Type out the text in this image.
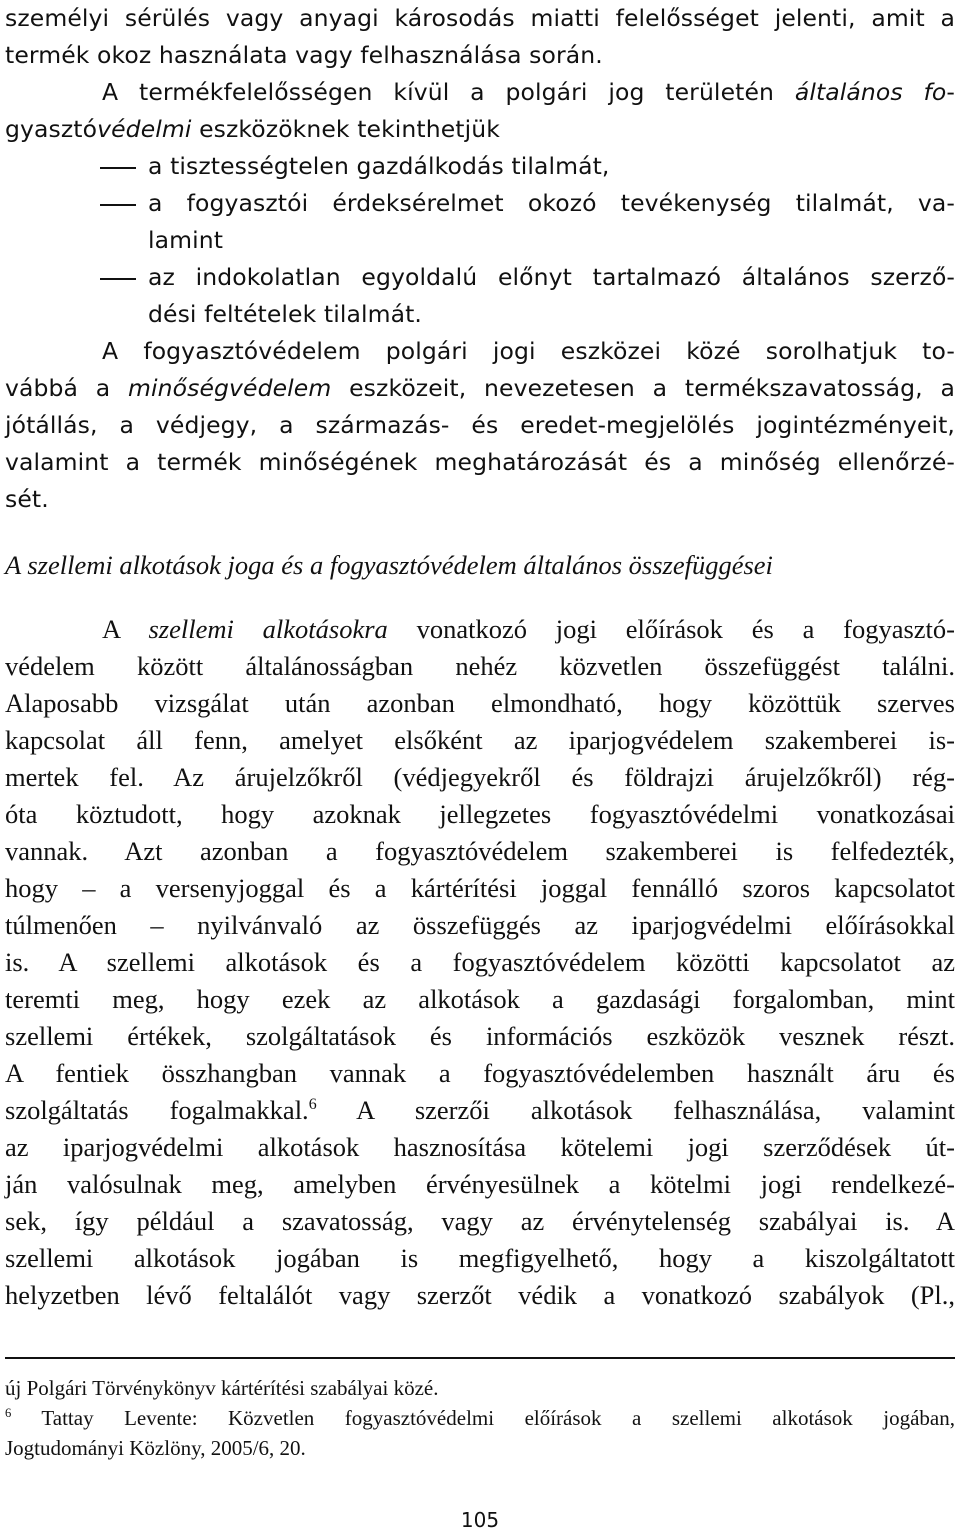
személyi sérülés vagy anyagi károsodás miatti felelősséget jelenti, amit a
termék okoz használata vagy felhasználása során.
A termékfelelősségen kívül a polgári jog területén általános fo-
gyasztóvédelmi eszközöknek tekinthetjük
a tisztességtelen gazdálkodás tilalmát,
a fogyasztói érdeksérelmet okozó tevékenység tilalmát, va-
lamint
az indokolatlan egyoldalú előnyt tartalmazó általános szerző-
dési feltételek tilalmát.
A fogyasztóvédelem polgári jogi eszközei közé sorolhatjuk to-
vábbá a minőségvédelem eszközeit, nevezetesen a termékszavatosság, a
jótállás, a védjegy, a származás- és eredet-megjelölés jogintézményeit,
valamint a termék minőségének meghatározását és a minőség ellenőrzé-
sét.
A szellemi alkotások joga és a fogyasztóvédelem általános összefüggései
A szellemi alkotásokra vonatkozó jogi előírások és a fogyasztó-
védelem között általánosságban nehéz közvetlen összefüggést találni.
Alaposabb vizsgálat után azonban elmondható, hogy közöttük szerves
kapcsolat áll fenn, amelyet elsőként az iparjogvédelem szakemberei is-
mertek fel. Az árujelzőkről (védjegyekről és földrajzi árujelzőkről) rég-
óta köztudott, hogy azoknak jellegzetes fogyasztóvédelmi vonatkozásai
vannak. Azt azonban a fogyasztóvédelem szakemberei is felfedezték,
hogy – a versenyjoggal és a kártérítési joggal fennálló szoros kapcsolatot
túlmenően – nyilvánvaló az összefüggés az iparjogvédelmi előírásokkal
is. A szellemi alkotások és a fogyasztóvédelem közötti kapcsolatot az
teremti meg, hogy ezek az alkotások a gazdasági forgalomban, mint
szellemi értékek, szolgáltatások és információs eszközök vesznek részt.
A fentiek összhangban vannak a fogyasztóvédelemben használt áru és
szolgáltatás fogalmakkal.$^6$ A szerzői alkotások felhasználása, valamint
az iparjogvédelmi alkotások hasznosítása kötelemi jogi szerződések út-
ján valósulnak meg, amelyben érvényesülnek a kötelmi jogi rendelkezé-
sek, így például a szavatosság, vagy az érvénytelenség szabályai is. A
szellemi alkotások jogában is megfigyelhető, hogy a kiszolgáltatott
helyzetben lévő feltalálót vagy szerzőt védik a vonatkozó szabályok (Pl.,
új Polgári Törvénykönyv kártérítési szabályai közé.
$^6$ Tattay Levente: Közvetlen fogyasztóvédelmi előírások a szellemi alkotások jogában,
Jogtudományi Közlöny, 2005/6, 20.
105
